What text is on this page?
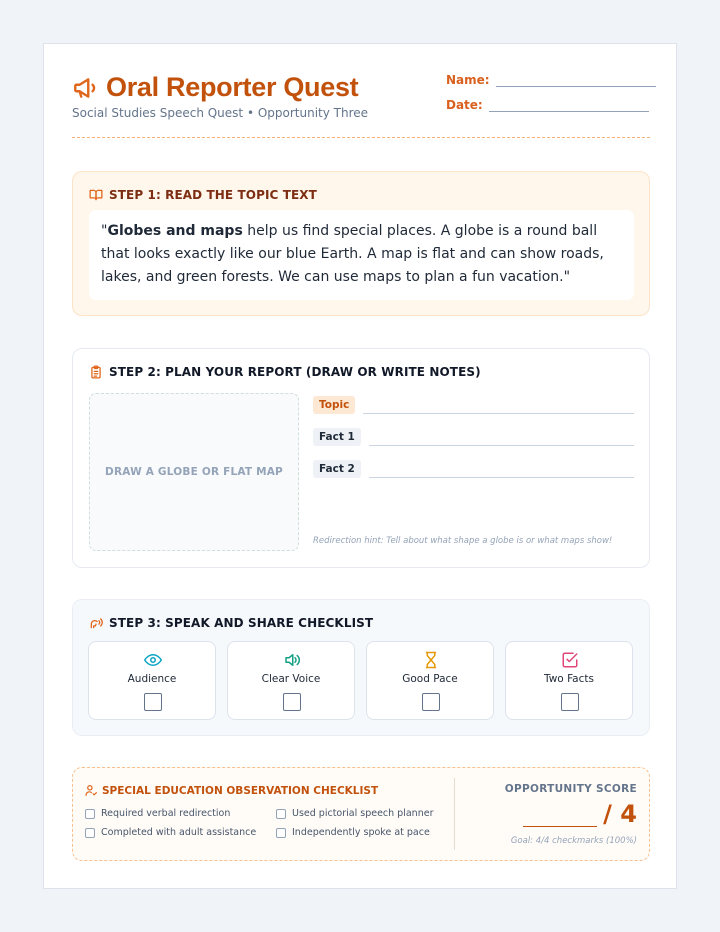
Oral Reporter Quest
Social Studies Speech Quest • Opportunity Three
Name:
Date:
STEP 1: READ THE TOPIC TEXT
"Globes and maps help us find special places. A globe is a round ball that looks exactly like our blue Earth. A map is flat and can show roads, lakes, and green forests. We can use maps to plan a fun vacation."
STEP 2: PLAN YOUR REPORT (DRAW OR WRITE NOTES)
DRAW A GLOBE OR FLAT MAP
Topic
Fact 1
Fact 2
Redirection hint: Tell about what shape a globe is or what maps show!
STEP 3: SPEAK AND SHARE CHECKLIST
Audience	Clear Voice	Good Pace	Two Facts
SPECIAL EDUCATION OBSERVATION CHECKLIST
Required verbal redirection	Used pictorial speech planner
Completed with adult assistance	Independently spoke at pace
OPPORTUNITY SCORE
/ 4
Goal: 4/4 checkmarks (100%)
